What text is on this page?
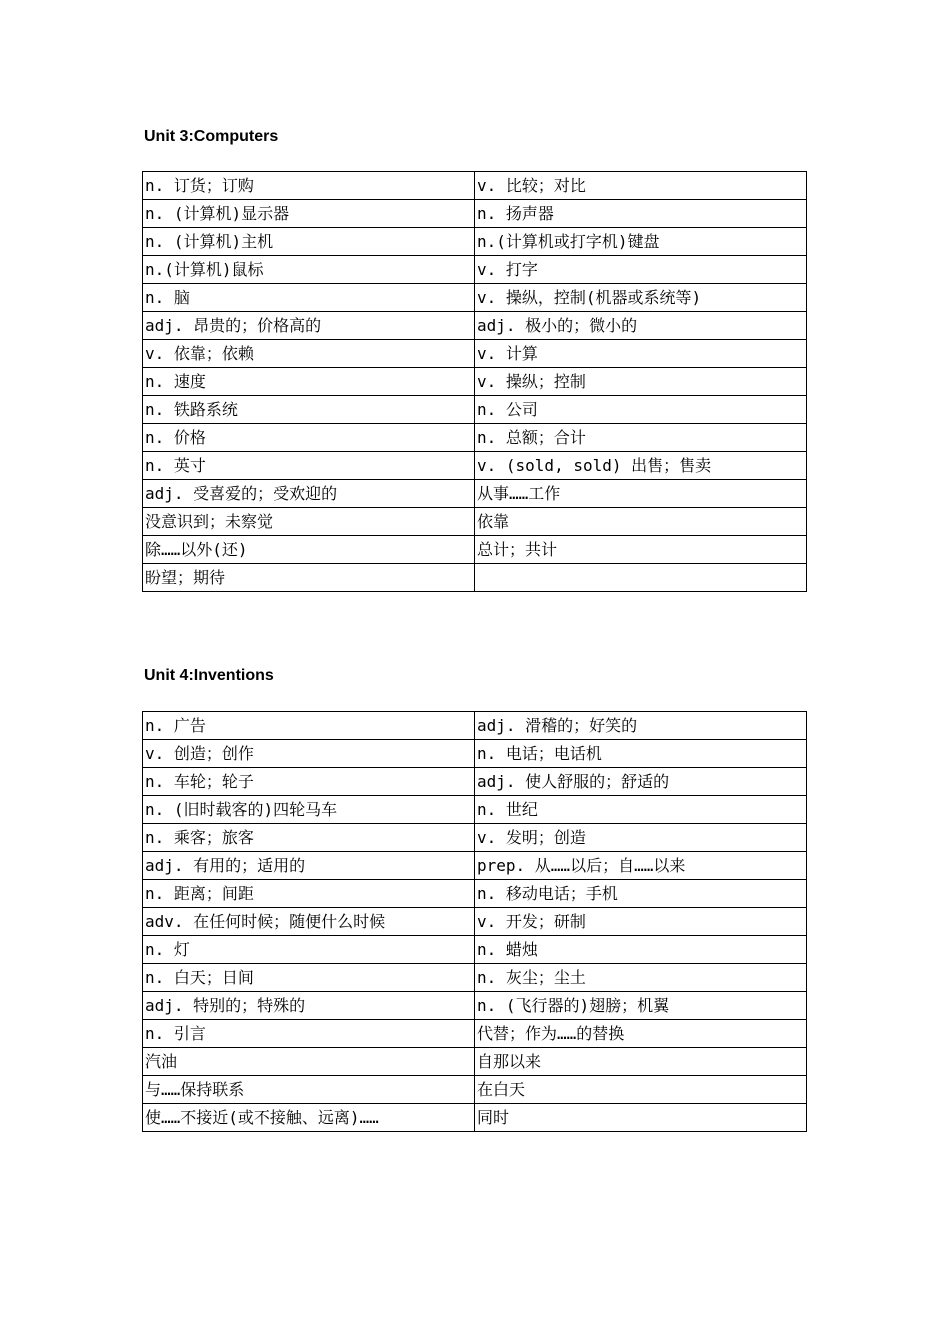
Unit 3:Computers
n. 订货；订购	v. 比较；对比
n. (计算机)显示器	n. 扬声器
n. (计算机)主机	n.(计算机或打字机)键盘
n.(计算机)鼠标	v. 打字
n. 脑	v. 操纵，控制(机器或系统等)
adj. 昂贵的；价格高的	adj. 极小的；微小的
v. 依靠；依赖	v. 计算
n. 速度	v. 操纵；控制
n. 铁路系统	n. 公司
n. 价格	n. 总额；合计
n. 英寸	v. (sold, sold) 出售；售卖
adj. 受喜爱的；受欢迎的	从事……工作
没意识到；未察觉	依靠
除……以外(还)	总计；共计
盼望；期待	
Unit 4:Inventions
n. 广告	adj. 滑稽的；好笑的
v. 创造；创作	n. 电话；电话机
n. 车轮；轮子	adj. 使人舒服的；舒适的
n. (旧时载客的)四轮马车	n. 世纪
n. 乘客；旅客	v. 发明；创造
adj. 有用的；适用的	prep. 从……以后；自……以来
n. 距离；间距	n. 移动电话；手机
adv. 在任何时候；随便什么时候	v. 开发；研制
n. 灯	n. 蜡烛
n. 白天；日间	n. 灰尘；尘土
adj. 特别的；特殊的	n. (飞行器的)翅膀；机翼
n. 引言	代替；作为……的替换
汽油	自那以来
与……保持联系	在白天
使……不接近(或不接触、远离)……	同时
